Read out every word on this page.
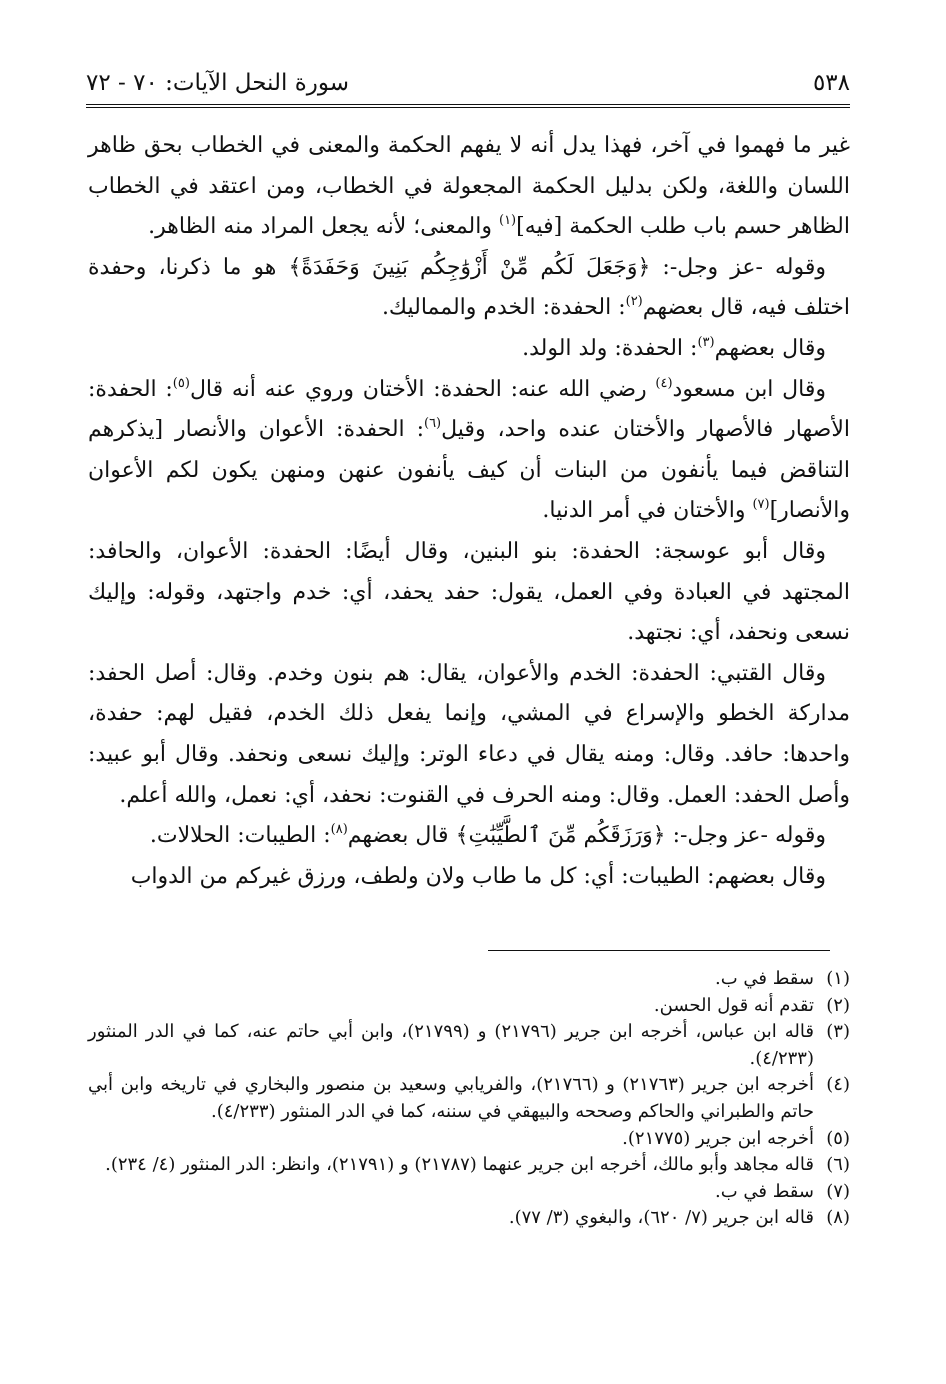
٥٣٨
سورة النحل الآيات: ٧٠ - ٧٢

غير ما فهموا في آخر، فهذا يدل أنه لا يفهم الحكمة والمعنى في الخطاب بحق ظاهر اللسان واللغة، ولكن بدليل الحكمة المجعولة في الخطاب، ومن اعتقد في الخطاب الظاهر حسم باب طلب الحكمة [فيه]$^{(١)}$ والمعنى؛ لأنه يجعل المراد منه الظاهر.

وقوله -عز وجل-: ﴿وَجَعَلَ لَكُم مِّنْ أَزْوَٰجِكُم بَنِينَ وَحَفَدَةً﴾ هو ما ذكرنا، وحفدة اختلف فيه، قال بعضهم$^{(٢)}$: الحفدة: الخدم والمماليك.

وقال بعضهم$^{(٣)}$: الحفدة: ولد الولد.

وقال ابن مسعود$^{(٤)}$ رضي الله عنه: الحفدة: الأختان وروي عنه أنه قال$^{(٥)}$: الحفدة: الأصهار فالأصهار والأختان عنده واحد، وقيل$^{(٦)}$: الحفدة: الأعوان والأنصار [يذكرهم التناقض فيما يأنفون من البنات أن كيف يأنفون عنهن ومنهن يكون لكم الأعوان والأنصار]$^{(٧)}$ والأختان في أمر الدنيا.

وقال أبو عوسجة: الحفدة: بنو البنين، وقال أيضًا: الحفدة: الأعوان، والحافد: المجتهد في العبادة وفي العمل، يقول: حفد يحفد، أي: خدم واجتهد، وقوله: وإليك نسعى ونحفد، أي: نجتهد.

وقال القتبي: الحفدة: الخدم والأعوان، يقال: هم بنون وخدم. وقال: أصل الحفد: مداركة الخطو والإسراع في المشي، وإنما يفعل ذلك الخدم، فقيل لهم: حفدة، واحدها: حافد. وقال: ومنه يقال في دعاء الوتر: وإليك نسعى ونحفد. وقال أبو عبيد: وأصل الحفد: العمل. وقال: ومنه الحرف في القنوت: نحفد، أي: نعمل، والله أعلم.

وقوله -عز وجل-: ﴿وَرَزَقَكُم مِّنَ ٱلطَّيِّبَٰتِ﴾ قال بعضهم$^{(٨)}$: الطيبات: الحلالات.

وقال بعضهم: الطيبات: أي: كل ما طاب ولان ولطف، ورزق غيركم من الدواب

(١)
سقط في ب.
(٢)
تقدم أنه قول الحسن.
(٣)
قاله ابن عباس، أخرجه ابن جرير (٢١٧٩٦) و (٢١٧٩٩)، وابن أبي حاتم عنه، كما في الدر المنثور (٤/٢٣٣).
(٤)
أخرجه ابن جرير (٢١٧٦٣) و (٢١٧٦٦)، والفريابي وسعيد بن منصور والبخاري في تاريخه وابن أبي حاتم والطبراني والحاكم وصححه والبيهقي في سننه، كما في الدر المنثور (٤/٢٣٣).
(٥)
أخرجه ابن جرير (٢١٧٧٥).
(٦)
قاله مجاهد وأبو مالك، أخرجه ابن جرير عنهما (٢١٧٨٧) و (٢١٧٩١)، وانظر: الدر المنثور (٤/ ٢٣٤).
(٧)
سقط في ب.
(٨)
قاله ابن جرير (٧/ ٦٢٠)، والبغوي (٣/ ٧٧).
